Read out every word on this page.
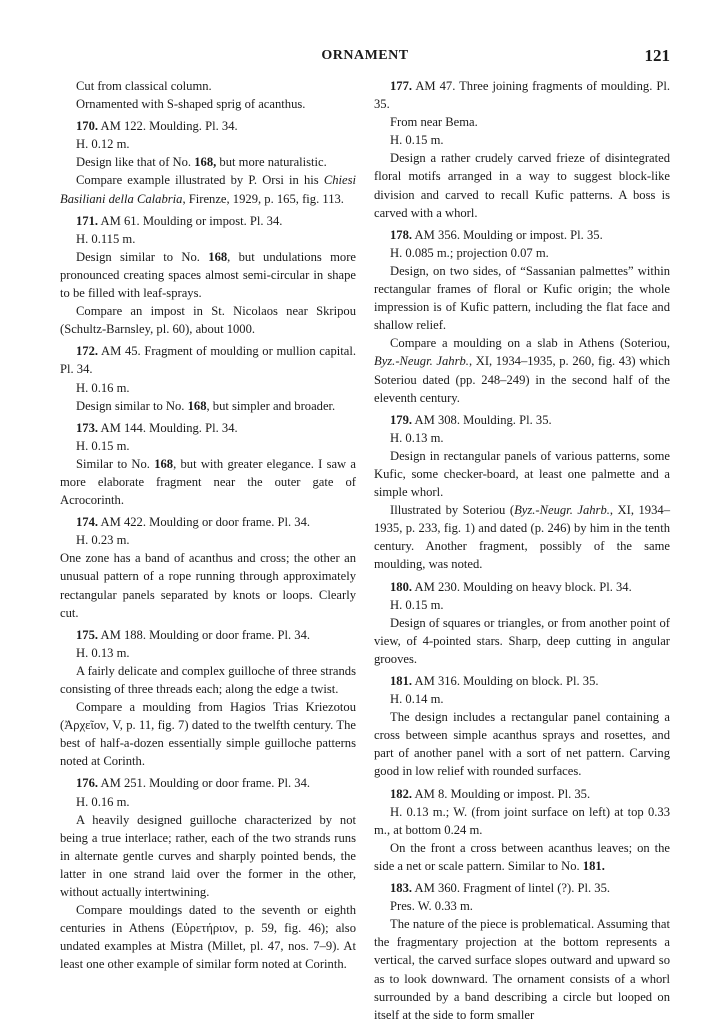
ORNAMENT	121

Cut from classical column.

Ornamented with S-shaped sprig of acanthus.

170. AM 122. Moulding. Pl. 34.

H. 0.12 m.

Design like that of No. 168, but more naturalistic.

Compare example illustrated by P. Orsi in his Chiesi Basiliani della Calabria, Firenze, 1929, p. 165, fig. 113.

171. AM 61. Moulding or impost. Pl. 34.

H. 0.115 m.

Design similar to No. 168, but undulations more pronounced creating spaces almost semi-circular in shape to be filled with leaf-sprays.

Compare an impost in St. Nicolaos near Skripou (Schultz-Barnsley, pl. 60), about 1000.

172. AM 45. Fragment of moulding or mullion capital. Pl. 34.

H. 0.16 m.

Design similar to No. 168, but simpler and broader.

173. AM 144. Moulding. Pl. 34.

H. 0.15 m.

Similar to No. 168, but with greater elegance. I saw a more elaborate fragment near the outer gate of Acrocorinth.

174. AM 422. Moulding or door frame. Pl. 34.

H. 0.23 m.

One zone has a band of acanthus and cross; the other an unusual pattern of a rope running through approximately rectangular panels separated by knots or loops. Clearly cut.

175. AM 188. Moulding or door frame. Pl. 34.

H. 0.13 m.

A fairly delicate and complex guilloche of three strands consisting of three threads each; along the edge a twist.

Compare a moulding from Hagios Trias Kriezotou (Ἀρχεῖον, V, p. 11, fig. 7) dated to the twelfth century. The best of half-a-dozen essentially simple guilloche patterns noted at Corinth.

176. AM 251. Moulding or door frame. Pl. 34.

H. 0.16 m.

A heavily designed guilloche characterized by not being a true interlace; rather, each of the two strands runs in alternate gentle curves and sharply pointed bends, the latter in one strand laid over the former in the other, without actually intertwining.

Compare mouldings dated to the seventh or eighth centuries in Athens (Εὑρετήριον, p. 59, fig. 46); also undated examples at Mistra (Millet, pl. 47, nos. 7–9). At least one other example of similar form noted at Corinth.

177. AM 47. Three joining fragments of moulding. Pl. 35.

From near Bema.

H. 0.15 m.

Design a rather crudely carved frieze of disintegrated floral motifs arranged in a way to suggest block-like division and carved to recall Kufic patterns. A boss is carved with a whorl.

178. AM 356. Moulding or impost. Pl. 35.

H. 0.085 m.; projection 0.07 m.

Design, on two sides, of “Sassanian palmettes” within rectangular frames of floral or Kufic origin; the whole impression is of Kufic pattern, including the flat face and shallow relief.

Compare a moulding on a slab in Athens (Soteriou, Byz.-Neugr. Jahrb., XI, 1934–1935, p. 260, fig. 43) which Soteriou dated (pp. 248–249) in the second half of the eleventh century.

179. AM 308. Moulding. Pl. 35.

H. 0.13 m.

Design in rectangular panels of various patterns, some Kufic, some checker-board, at least one palmette and a simple whorl.

Illustrated by Soteriou (Byz.-Neugr. Jahrb., XI, 1934–1935, p. 233, fig. 1) and dated (p. 246) by him in the tenth century. Another fragment, possibly of the same moulding, was noted.

180. AM 230. Moulding on heavy block. Pl. 34.

H. 0.15 m.

Design of squares or triangles, or from another point of view, of 4-pointed stars. Sharp, deep cutting in angular grooves.

181. AM 316. Moulding on block. Pl. 35.

H. 0.14 m.

The design includes a rectangular panel containing a cross between simple acanthus sprays and rosettes, and part of another panel with a sort of net pattern. Carving good in low relief with rounded surfaces.

182. AM 8. Moulding or impost. Pl. 35.

H. 0.13 m.; W. (from joint surface on left) at top 0.33 m., at bottom 0.24 m.

On the front a cross between acanthus leaves; on the side a net or scale pattern. Similar to No. 181.

183. AM 360. Fragment of lintel (?). Pl. 35.

Pres. W. 0.33 m.

The nature of the piece is problematical. Assuming that the fragmentary projection at the bottom represents a vertical, the carved surface slopes outward and upward so as to look downward. The ornament consists of a whorl surrounded by a band describing a circle but looped on itself at the side to form smaller
